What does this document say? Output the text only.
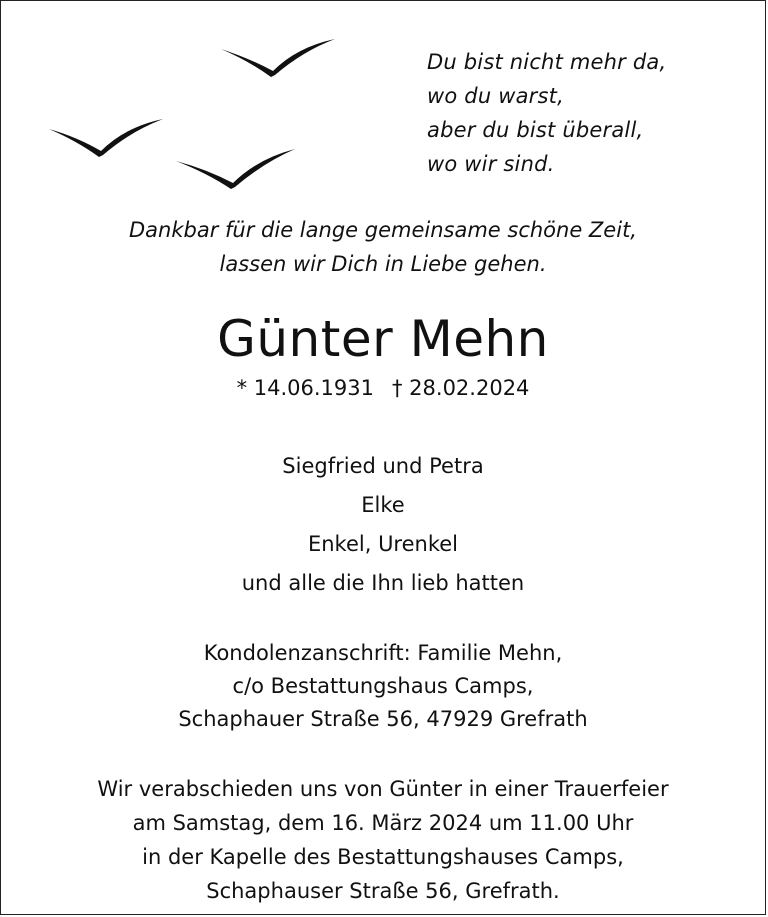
Du bist nicht mehr da,
wo du warst,
aber du bist überall,
wo wir sind.
Dankbar für die lange gemeinsame schöne Zeit,
lassen wir Dich in Liebe gehen.
Günter Mehn
* 14.06.1931 † 28.02.2024
Siegfried und Petra
Elke
Enkel, Urenkel
und alle die Ihn lieb hatten
Kondolenzanschrift: Familie Mehn,
c/o Bestattungshaus Camps,
Schaphauer Straße 56, 47929 Grefrath
Wir verabschieden uns von Günter in einer Trauerfeier
am Samstag, dem 16. März 2024 um 11.00 Uhr
in der Kapelle des Bestattungshauses Camps,
Schaphauser Straße 56, Grefrath.
